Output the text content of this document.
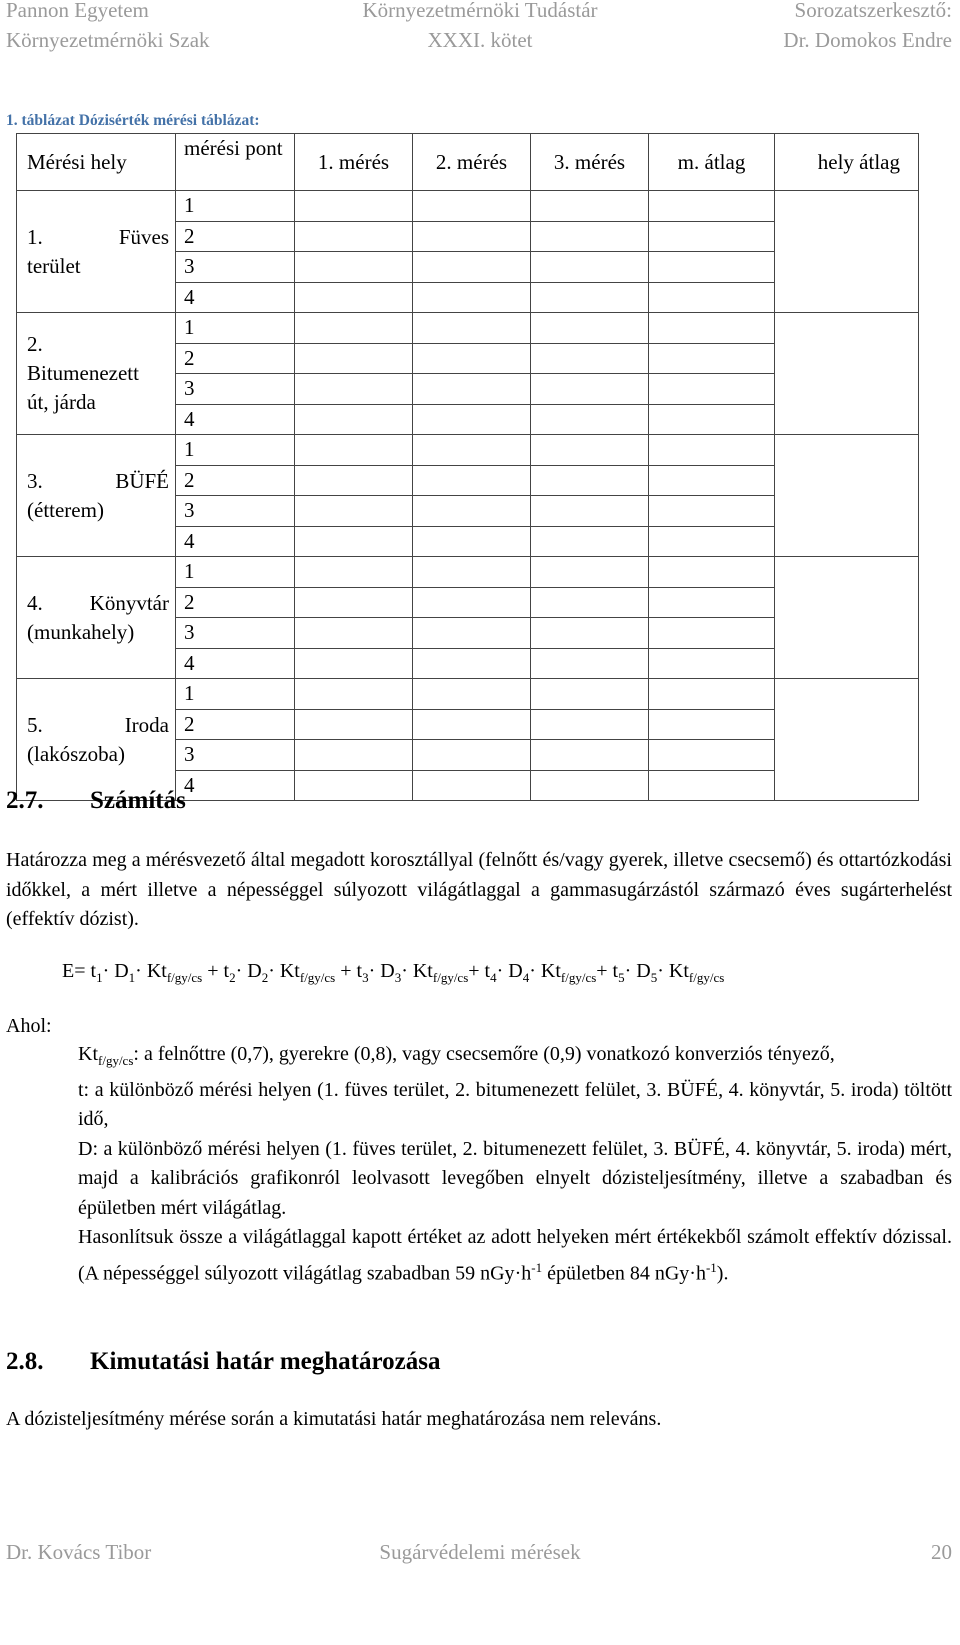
Pannon Egyetem
Környezetmérnöki Szak
Környezetmérnöki Tudástár
XXXI. kötet
Sorozatszerkesztő:
Dr. Domokos Endre
1. táblázat Dózisérték mérési táblázat:
Mérési hely	mérési pont	1. mérés	2. mérés	3. mérés	m. átlag	hely átlag

1. Füves
terület	1					
	2					
	3					
	4					

2.
Bitumenezett
út, járda	1					
	2					
	3					
	4					

3. BÜFÉ
(étterem)	1					
	2					
	3					
	4					

4. Könyvtár
(munkahely)	1					
	2					
	3					
	4					

5. Iroda
(lakószoba)	1					
	2					
	3					
	4					
2.7. Számítás
Határozza meg a mérésvezető által megadott korosztállyal (felnőtt és/vagy gyerek, illetve csecsemő) és ottartózkodási időkkel, a mért illetve a népességgel súlyozott világátlaggal a gammasugárzástól származó éves sugárterhelést (effektív dózist).
$E= t_1\cdot D_1\cdot Kt_{f/gy/cs} + t_2\cdot D_2\cdot Kt_{f/gy/cs} + t_3\cdot D_3\cdot Kt_{f/gy/cs}+ t_4\cdot D_4\cdot Kt_{f/gy/cs}+ t_5\cdot D_5\cdot Kt_{f/gy/cs}$
Ahol:

$Kt_{f/gy/cs}$: a felnőttre (0,7), gyerekre (0,8), vagy csecsemőre (0,9) vonatkozó konverziós tényező,

t: a különböző mérési helyen (1. füves terület, 2. bitumenezett felület, 3. BÜFÉ, 4. könyvtár, 5. iroda) töltött idő,

D: a különböző mérési helyen (1. füves terület, 2. bitumenezett felület, 3. BÜFÉ, 4. könyvtár, 5. iroda) mért, majd a kalibrációs grafikonról leolvasott levegőben elnyelt dózisteljesítmény, illetve a szabadban és épületben mért világátlag.

Hasonlítsuk össze a világátlaggal kapott értéket az adott helyeken mért értékekből számolt effektív dózissal. (A népességgel súlyozott világátlag szabadban 59 $nGy\cdot h^{-1}$ épületben 84 $nGy\cdot h^{-1}$).

2.8. Kimutatási határ meghatározása
A dózisteljesítmény mérése során a kimutatási határ meghatározása nem releváns.
Dr. Kovács Tibor	Sugárvédelemi mérések	20
